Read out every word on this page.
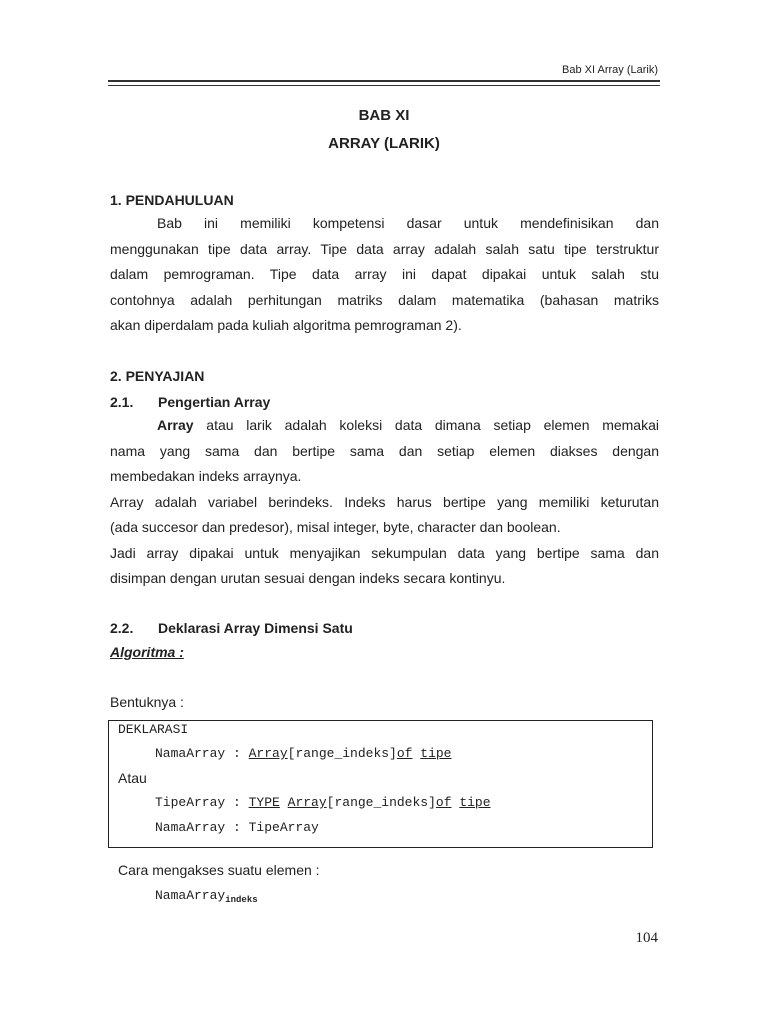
Bab XI Array (Larik)
BAB XI
ARRAY (LARIK)
1. PENDAHULUAN
Bab ini memiliki kompetensi dasar untuk mendefinisikan dan
menggunakan tipe data array. Tipe data array adalah salah satu tipe terstruktur
dalam pemrograman. Tipe data array ini dapat dipakai untuk salah stu
contohnya adalah perhitungan matriks dalam matematika (bahasan matriks
akan diperdalam pada kuliah algoritma pemrograman 2).
2. PENYAJIAN
2.1. Pengertian Array
Array atau larik adalah koleksi data dimana setiap elemen memakai
nama yang sama dan bertipe sama dan setiap elemen diakses dengan
membedakan indeks arraynya.
Array adalah variabel berindeks. Indeks harus bertipe yang memiliki keturutan
(ada succesor dan predesor), misal integer, byte, character dan boolean.
Jadi array dipakai untuk menyajikan sekumpulan data yang bertipe sama dan
disimpan dengan urutan sesuai dengan indeks secara kontinyu.
2.2. Deklarasi Array Dimensi Satu
Algoritma :
Bentuknya :
DEKLARASI
NamaArray : Array[range_indeks]of tipe
Atau
TipeArray : TYPE Array[range_indeks]of tipe
NamaArray : TipeArray
Cara mengakses suatu elemen :
NamaArray$_{indeks}$
104
